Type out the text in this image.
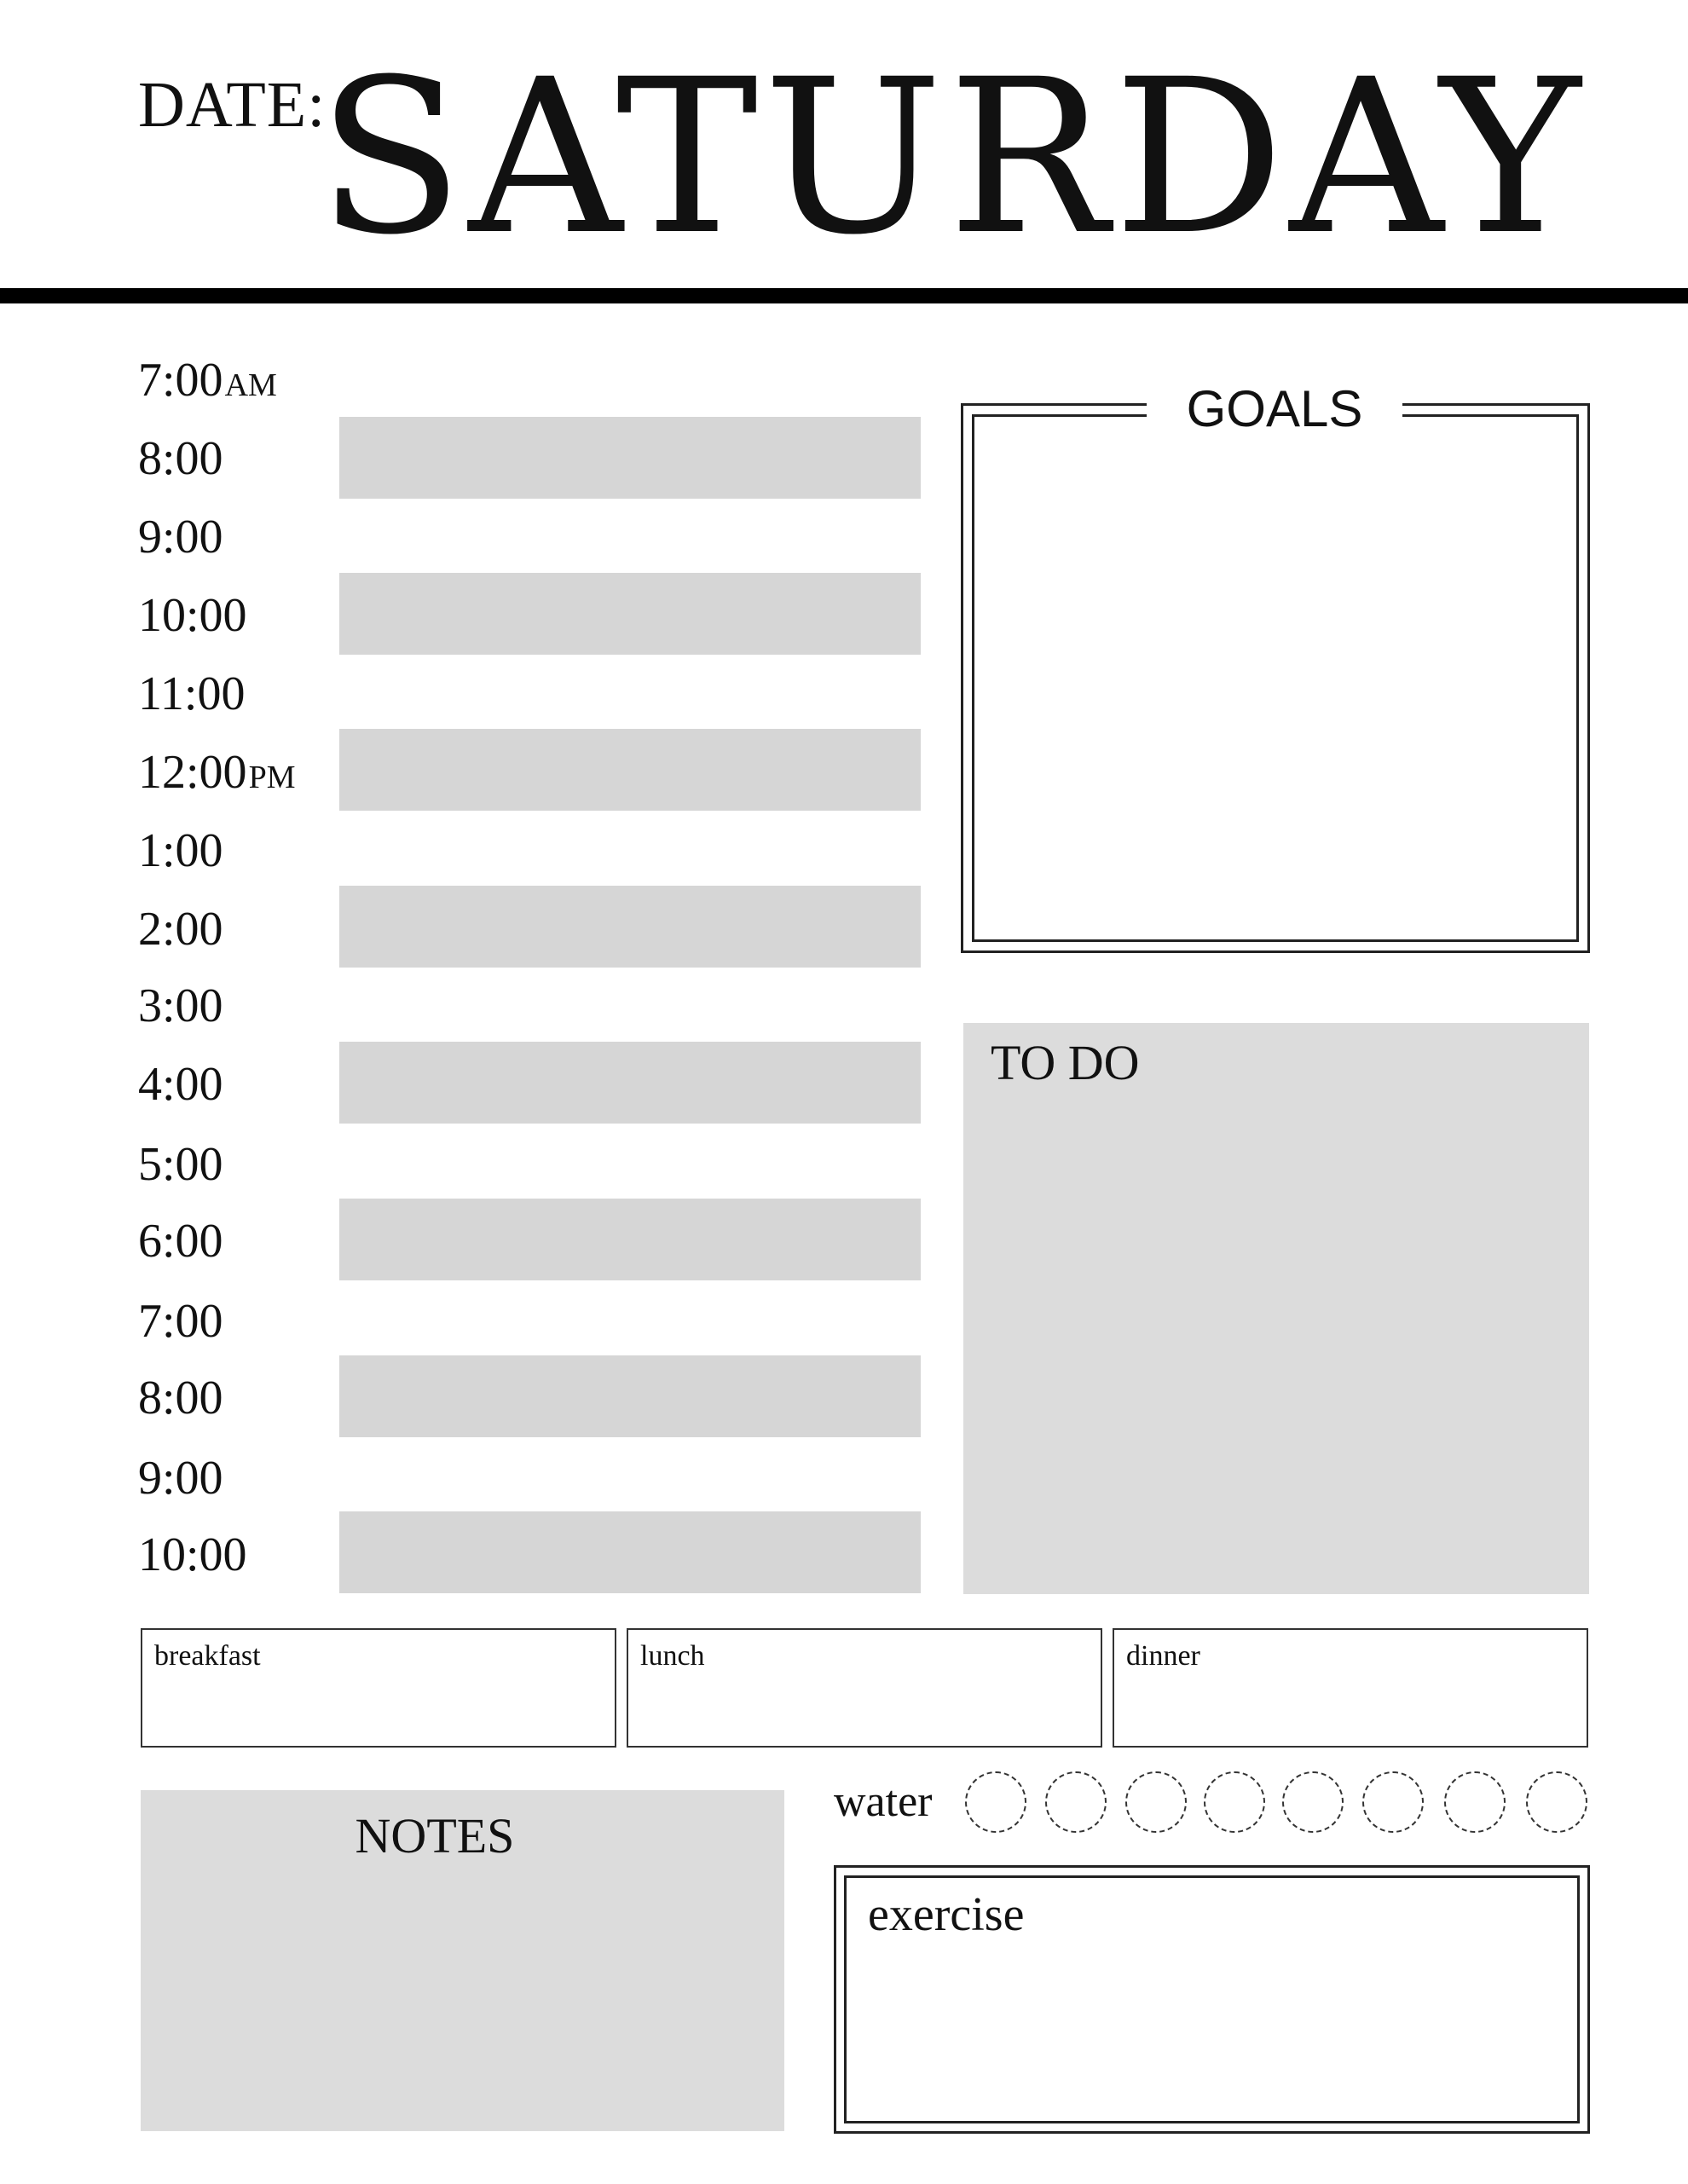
DATE:
SATURDAY
7:00AM
8:00
9:00
10:00
11:00
12:00PM
1:00
2:00
3:00
4:00
5:00
6:00
7:00
8:00
9:00
10:00
GOALS
TO DO
breakfast	lunch	dinner
NOTES
water
exercise
